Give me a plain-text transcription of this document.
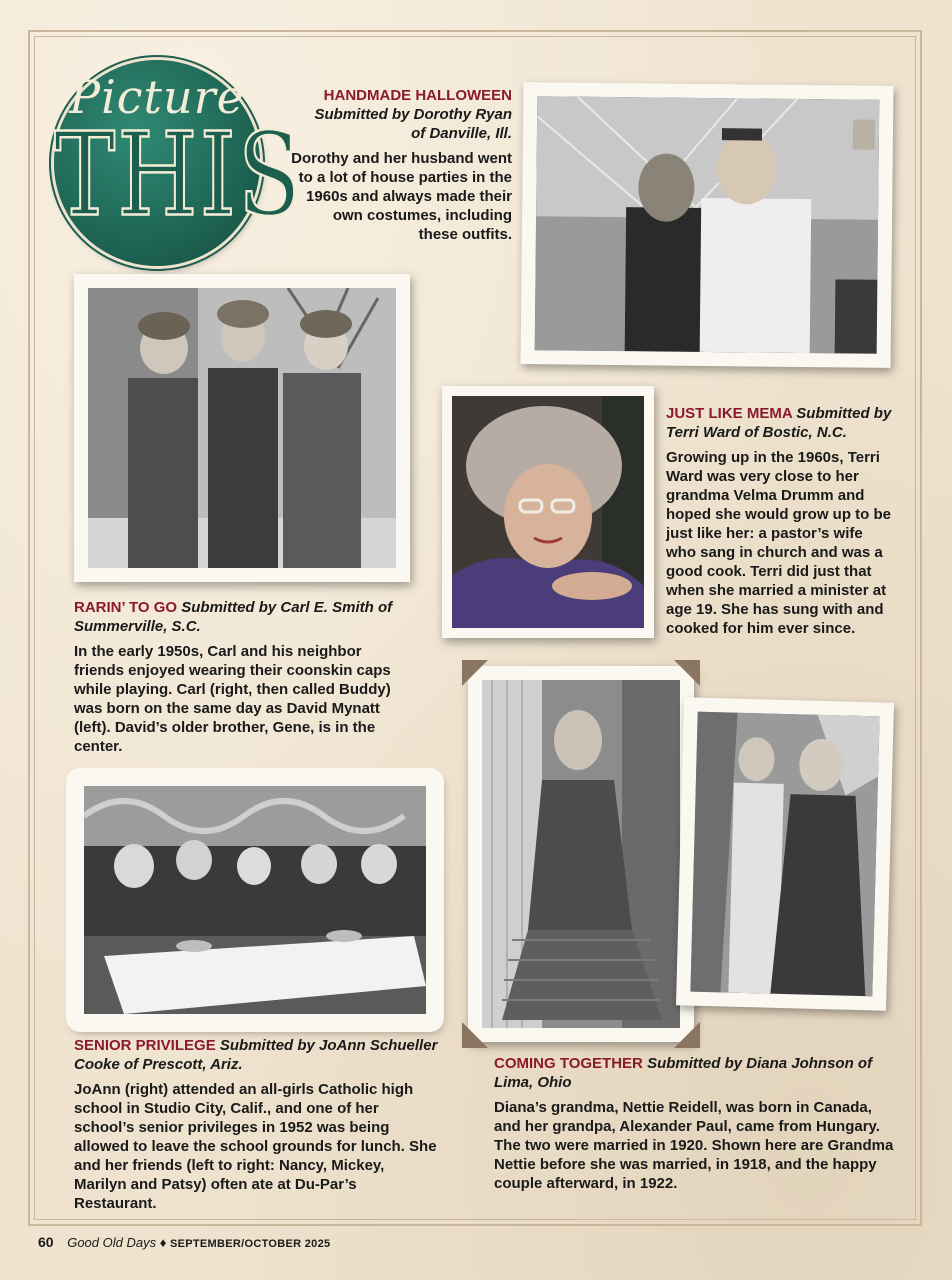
Picture
THIS
HANDMADE HALLOWEEN
Submitted by Dorothy Ryan
of Danville, Ill.

Dorothy and her husband went to a lot of house parties in the 1960s and always made their own costumes, including these outfits.

RARIN’ TO GO Submitted by Carl E. Smith of Summerville, S.C.

In the early 1950s, Carl and his neighbor friends enjoyed wearing their coonskin caps while playing. Carl (right, then called Buddy) was born on the same day as David Mynatt (left). David’s older brother, Gene, is in the center.

JUST LIKE MEMA Submitted by Terri Ward of Bostic, N.C.

Growing up in the 1960s, Terri Ward was very close to her grandma Velma Drumm and hoped she would grow up to be just like her: a pastor’s wife who sang in church and was a good cook. Terri did just that when she married a minister at age 19. She has sung with and cooked for him ever since.

SENIOR PRIVILEGE Submitted by JoAnn Schueller Cooke of Prescott, Ariz.

JoAnn (right) attended an all-girls Catholic high school in Studio City, Calif., and one of her school’s senior privileges in 1952 was being allowed to leave the school grounds for lunch. She and her friends (left to right: Nancy, Mickey, Marilyn and Patsy) often ate at Du-Par’s Restaurant.

COMING TOGETHER Submitted by Diana Johnson of Lima, Ohio

Diana’s grandma, Nettie Reidell, was born in Canada, and her grandpa, Alexander Paul, came from Hungary. The two were married in 1920. Shown here are Grandma Nettie before she was married, in 1918, and the happy couple afterward, in 1922.

60 Good Old Days ♦ SEPTEMBER/OCTOBER 2025
